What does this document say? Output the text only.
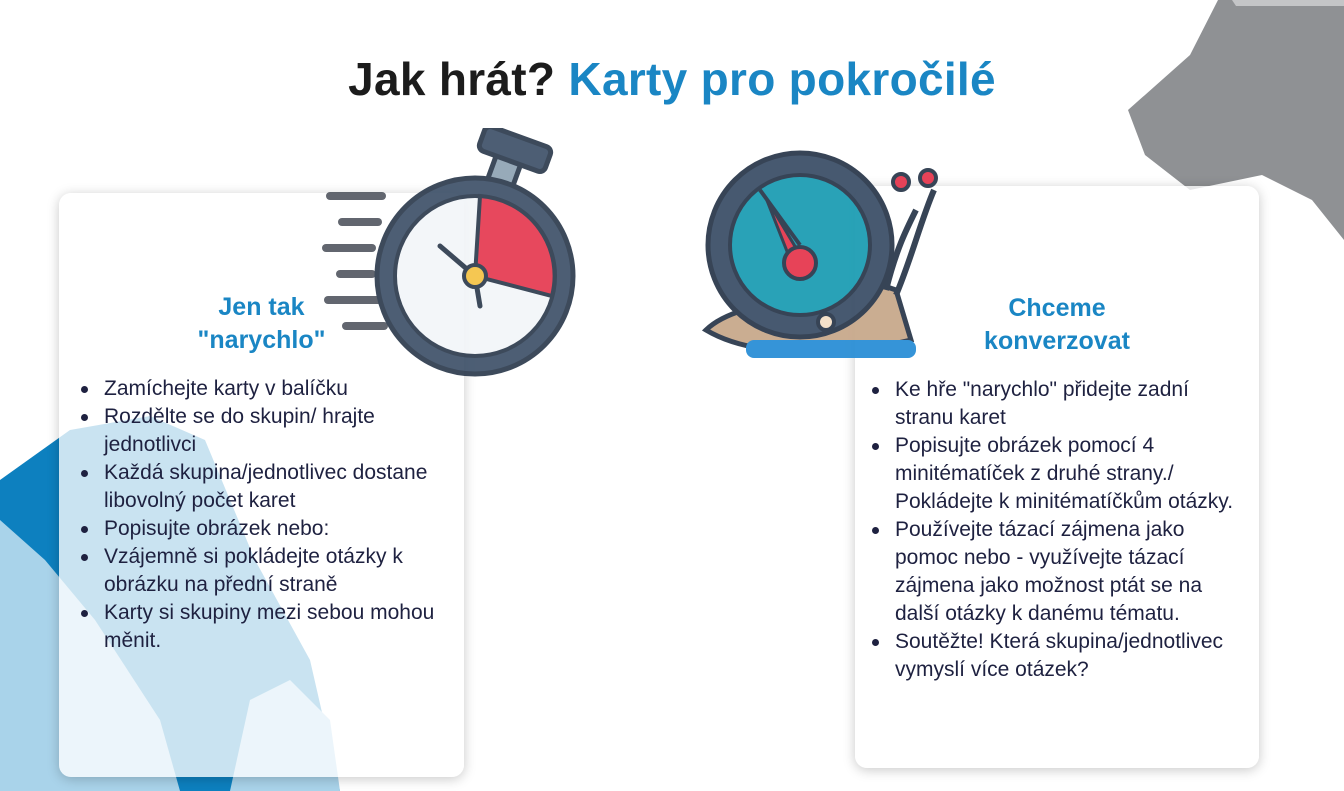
Jak hrát? Karty pro pokročilé
Jen tak
"narychlo"
Zamíchejte karty v balíčku
Rozdělte se do skupin/ hrajte jednotlivci
Každá skupina/jednotlivec dostane libovolný počet karet
Popisujte obrázek nebo:
Vzájemně si pokládejte otázky k obrázku na přední straně
Karty si skupiny mezi sebou mohou měnit.
Chceme
konverzovat
Ke hře "narychlo" přidejte zadní stranu karet
Popisujte obrázek pomocí 4 minitématíček z druhé strany./ Pokládejte k minitématíčkům otázky.
Používejte tázací zájmena jako pomoc nebo - využívejte tázací zájmena jako možnost ptát se na další otázky k danému tématu.
Soutěžte! Která skupina/jednotlivec vymyslí více otázek?
